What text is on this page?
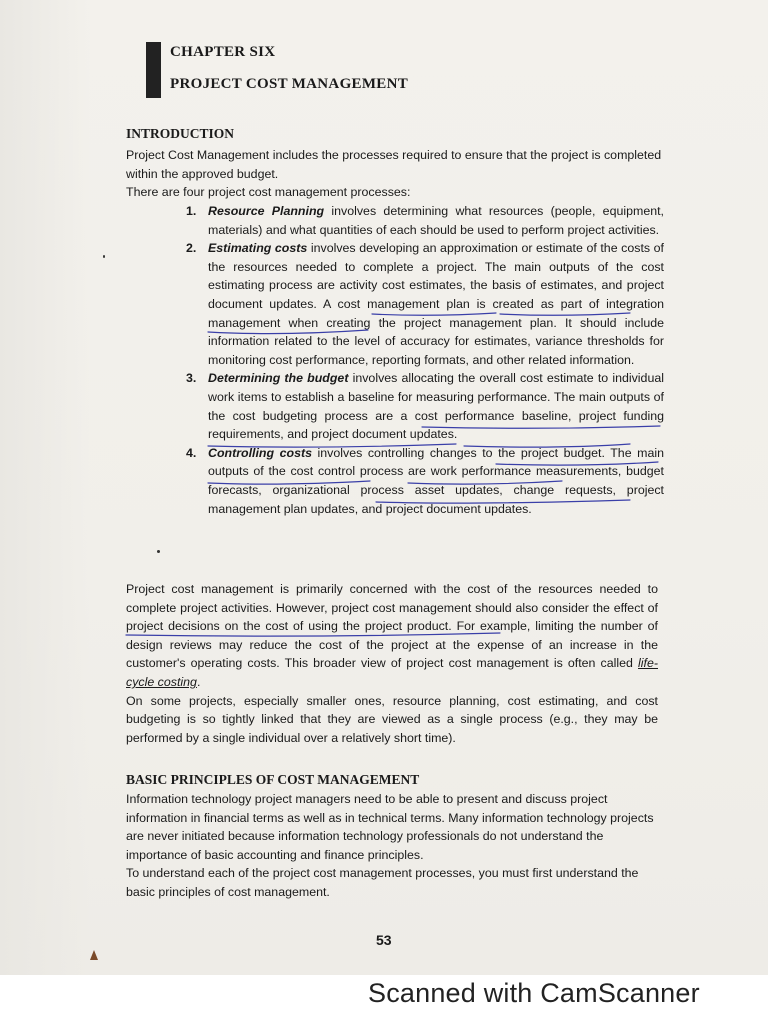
CHAPTER SIX
PROJECT COST MANAGEMENT
INTRODUCTION

Project Cost Management includes the processes required to ensure that the project is completed within the approved budget.

There are four project cost management processes:

1. Resource Planning involves determining what resources (people, equipment, materials) and what quantities of each should be used to perform project activities.
2. Estimating costs involves developing an approximation or estimate of the costs of the resources needed to complete a project. The main outputs of the cost estimating process are activity cost estimates, the basis of estimates, and project document updates. A cost management plan is created as part of integration management when creating the project management plan. It should include information related to the level of accuracy for estimates, variance thresholds for monitoring cost performance, reporting formats, and other related information.
3. Determining the budget involves allocating the overall cost estimate to individual work items to establish a baseline for measuring performance. The main outputs of the cost budgeting process are a cost performance baseline, project funding requirements, and project document updates.
4. Controlling costs involves controlling changes to the project budget. The main outputs of the cost control process are work performance measurements, budget forecasts, organizational process asset updates, change requests, project management plan updates, and project document updates.

Project cost management is primarily concerned with the cost of the resources needed to complete project activities. However, project cost management should also consider the effect of project decisions on the cost of using the project product. For example, limiting the number of design reviews may reduce the cost of the project at the expense of an increase in the customer's operating costs. This broader view of project cost management is often called life-cycle costing.

On some projects, especially smaller ones, resource planning, cost estimating, and cost budgeting is so tightly linked that they are viewed as a single process (e.g., they may be performed by a single individual over a relatively short time).

BASIC PRINCIPLES OF COST MANAGEMENT

Information technology project managers need to be able to present and discuss project information in financial terms as well as in technical terms. Many information technology projects are never initiated because information technology professionals do not understand the importance of basic accounting and finance principles.

To understand each of the project cost management processes, you must first understand the basic principles of cost management.

53
Scanned with CamScanner
